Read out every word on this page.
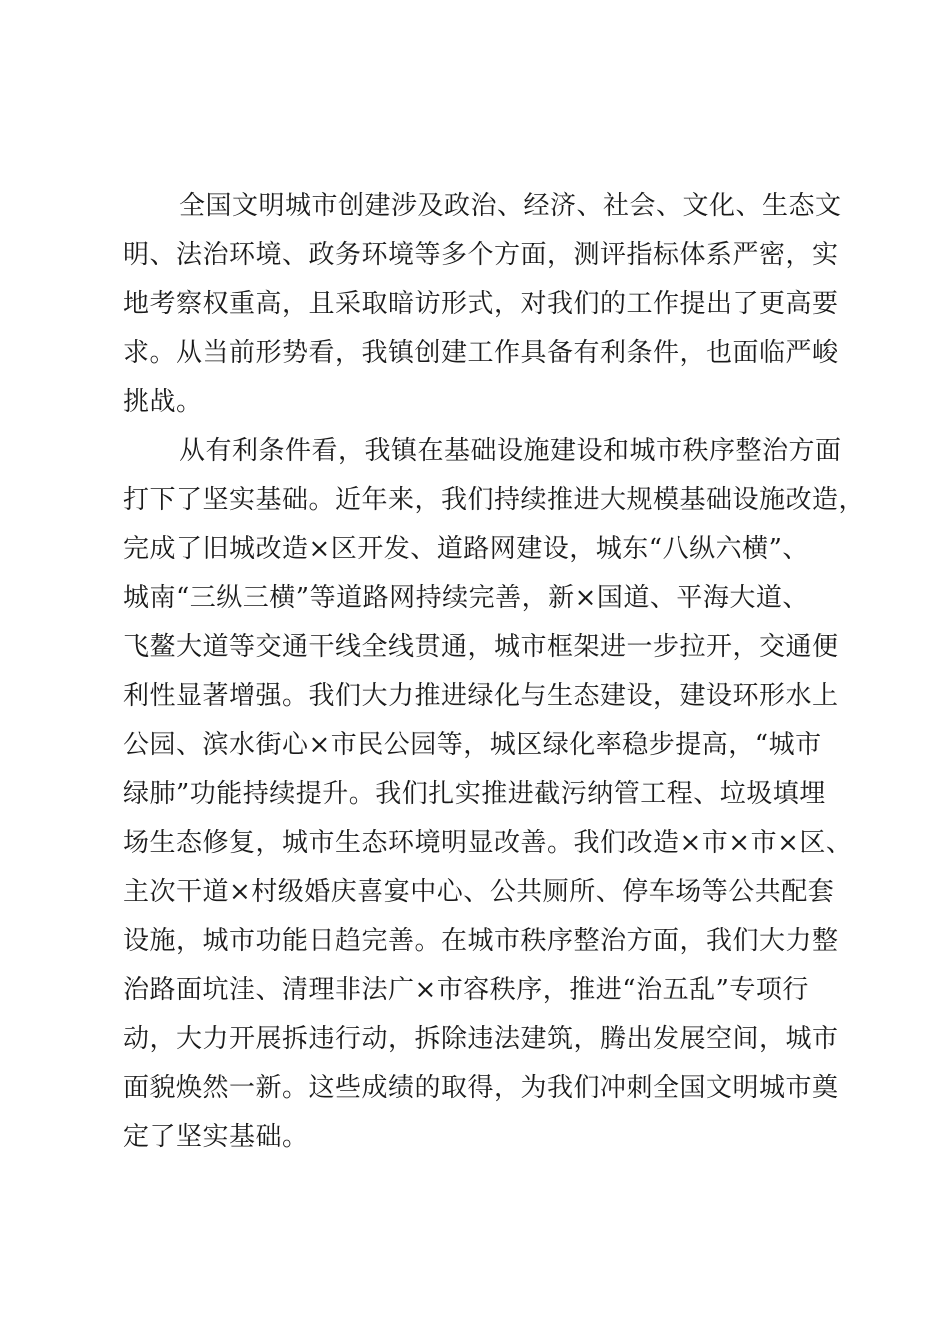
全国文明城市创建涉及政治、经济、社会、文化、生态文
明、法治环境、政务环境等多个方面，测评指标体系严密，实
地考察权重高，且采取暗访形式，对我们的工作提出了更高要
求。从当前形势看，我镇创建工作具备有利条件，也面临严峻
挑战。
从有利条件看，我镇在基础设施建设和城市秩序整治方面
打下了坚实基础。近年来，我们持续推进大规模基础设施改造，
完成了旧城改造×区开发、道路网建设，城东“八纵六横”、
城南“三纵三横”等道路网持续完善，新×国道、平海大道、
飞鳌大道等交通干线全线贯通，城市框架进一步拉开，交通便
利性显著增强。我们大力推进绿化与生态建设，建设环形水上
公园、滨水街心×市民公园等，城区绿化率稳步提高，“城市
绿肺”功能持续提升。我们扎实推进截污纳管工程、垃圾填埋
场生态修复，城市生态环境明显改善。我们改造×市×市×区、
主次干道×村级婚庆喜宴中心、公共厕所、停车场等公共配套
设施，城市功能日趋完善。在城市秩序整治方面，我们大力整
治路面坑洼、清理非法广×市容秩序，推进“治五乱”专项行
动，大力开展拆违行动，拆除违法建筑，腾出发展空间，城市
面貌焕然一新。这些成绩的取得，为我们冲刺全国文明城市奠
定了坚实基础。
